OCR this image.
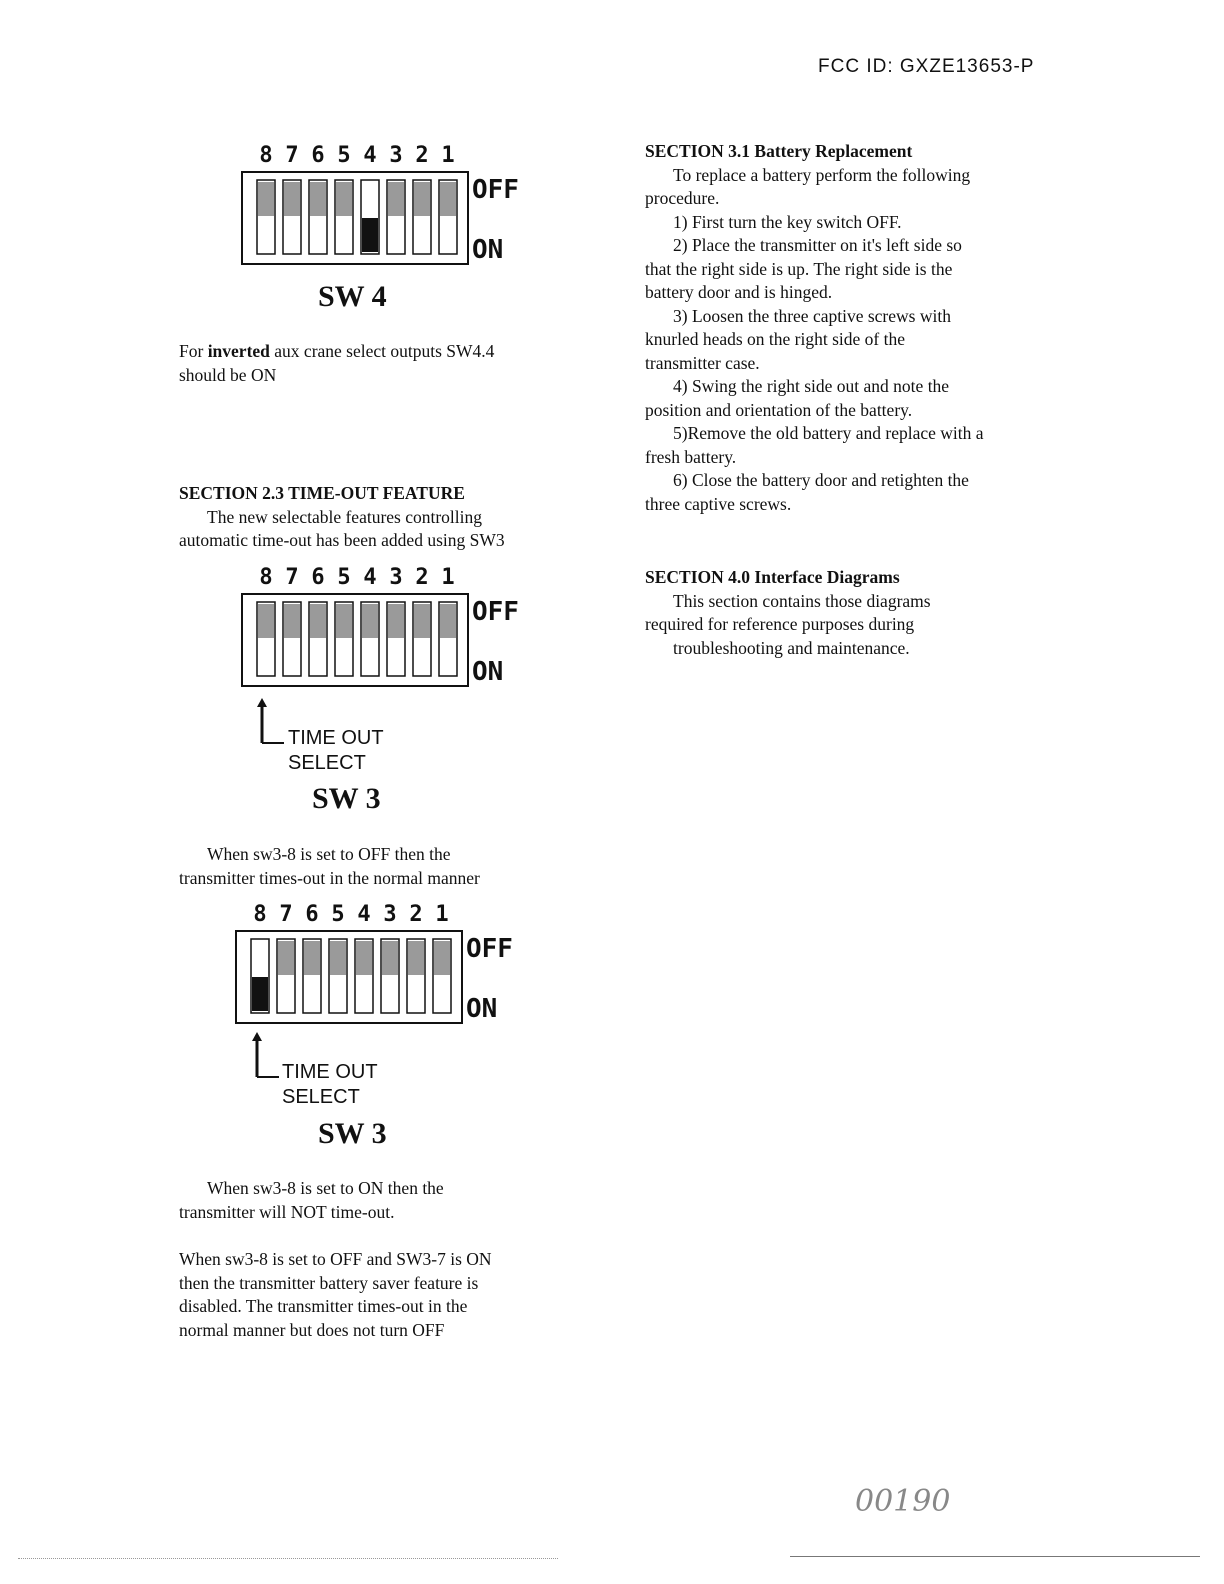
FCC ID: GXZE13653-P
8 7 6 5 4 3 2 1
OFF
ON
SW 4

For inverted aux crane select outputs SW4.4

should be ON

SECTION 2.3 TIME-OUT FEATURE

The new selectable features controlling

automatic time-out has been added using SW3

8 7 6 5 4 3 2 1
OFF
ON
TIME OUT
SELECT
SW 3

When sw3-8 is set to OFF then the

transmitter times-out in the normal manner

8 7 6 5 4 3 2 1
OFF
ON
TIME OUT
SELECT
SW 3

When sw3-8 is set to ON then the

transmitter will NOT time-out.

When sw3-8 is set to OFF and SW3-7 is ON

then the transmitter battery saver feature is

disabled. The transmitter times-out in the

normal manner but does not turn OFF

SECTION 3.1 Battery Replacement

To replace a battery perform the following

procedure.

1) First turn the key switch OFF.

2) Place the transmitter on it's left side so

that the right side is up. The right side is the

battery door and is hinged.

3) Loosen the three captive screws with

knurled heads on the right side of the

transmitter case.

4) Swing the right side out and note the

position and orientation of the battery.

5)Remove the old battery and replace with a

fresh battery.

6) Close the battery door and retighten the

three captive screws.

SECTION 4.0 Interface Diagrams

This section contains those diagrams

required for reference purposes during

troubleshooting and maintenance.

00190
